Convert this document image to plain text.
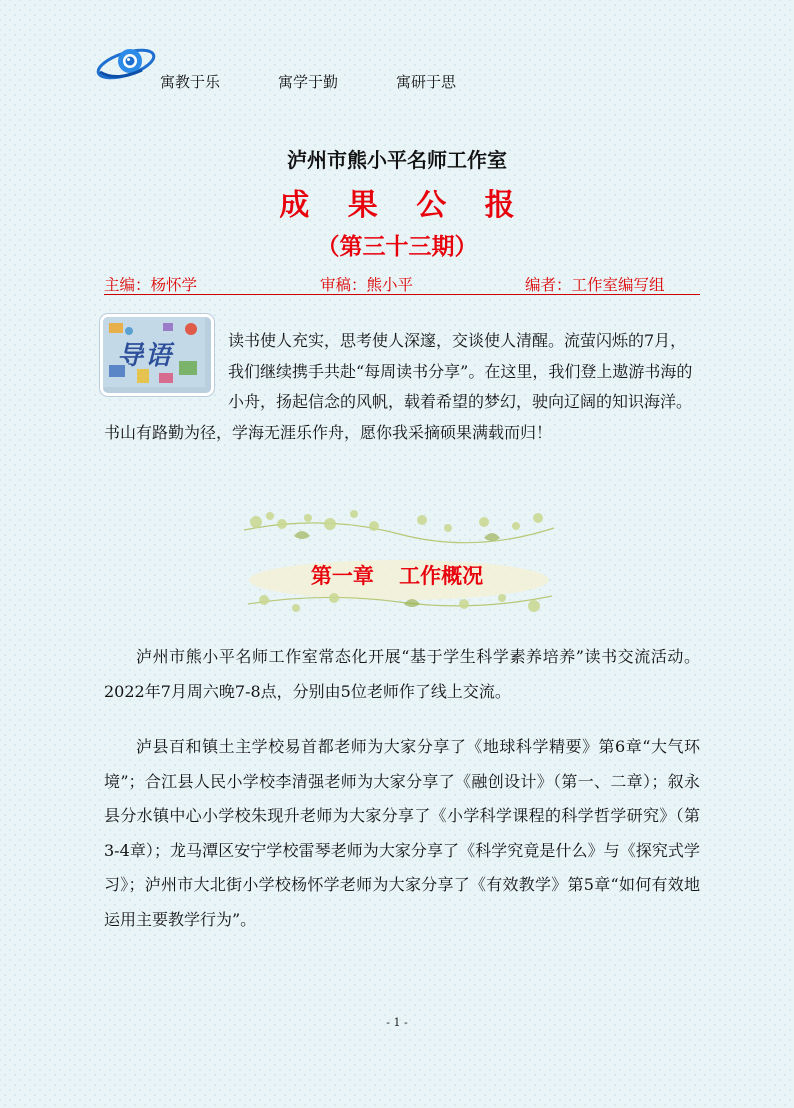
寓教于乐	寓学于勤	寓研于思
泸州市熊小平名师工作室
成 果 公 报
（第三十三期）
主编：杨怀学	审稿：熊小平	编者：工作室编写组
导语
读书使人充实，思考使人深邃，交谈使人清醒。流萤闪烁的7月，我们继续携手共赴“每周读书分享”。在这里，我们登上遨游书海的小舟，扬起信念的风帆，载着希望的梦幻，驶向辽阔的知识海洋。书山有路勤为径，学海无涯乐作舟，愿你我采摘硕果满载而归！
第一章 工作概况
泸州市熊小平名师工作室常态化开展“基于学生科学素养培养”读书交流活动。2022年7月周六晚7-8点，分别由5位老师作了线上交流。
泸县百和镇土主学校易首都老师为大家分享了《地球科学精要》第6章“大气环境”；合江县人民小学校李清强老师为大家分享了《融创设计》（第一、二章）；叙永县分水镇中心小学校朱现升老师为大家分享了《小学科学课程的科学哲学研究》（第3-4章）；龙马潭区安宁学校雷琴老师为大家分享了《科学究竟是什么》与《探究式学习》；泸州市大北街小学校杨怀学老师为大家分享了《有效教学》第5章“如何有效地运用主要教学行为”。
- 1 -
